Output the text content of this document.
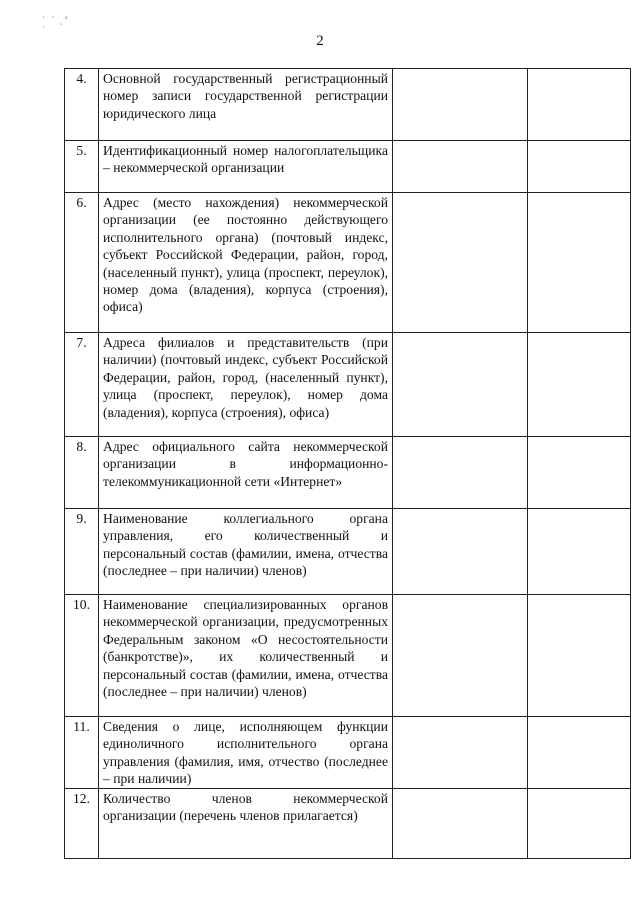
· ·  ‹
·   `
2
4.	Основной государственный регистрационный номер записи государственной регистрации юридического лица		
5.	Идентификационный номер налогоплательщика – некоммерческой организации		
6.	Адрес (место нахождения) некоммерческой организации (ее постоянно действующего исполнительного органа) (почтовый индекс, субъект Российской Федерации, район, город, (населенный пункт), улица (проспект, переулок), номер дома (владения), корпуса (строения), офиса)		
7.	Адреса филиалов и представительств (при наличии) (почтовый индекс, субъект Российской Федерации, район, город, (населенный пункт), улица (проспект, переулок), номер дома (владения), корпуса (строения), офиса)		
8.	Адрес официального сайта некоммерческой организации в информационно-телекоммуникационной сети «Интернет»		
9.	Наименование коллегиального органа управления, его количественный и персональный состав (фамилии, имена, отчества (последнее – при наличии) членов)		
10.	Наименование специализированных органов некоммерческой организации, предусмотренных Федеральным законом «О несостоятельности (банкротстве)», их количественный и персональный состав (фамилии, имена, отчества (последнее – при наличии) членов)		
11.	Сведения о лице, исполняющем функции единоличного исполнительного органа управления (фамилия, имя, отчество (последнее – при наличии)		
12.	Количество членов некоммерческой организации (перечень членов прилагается)		
